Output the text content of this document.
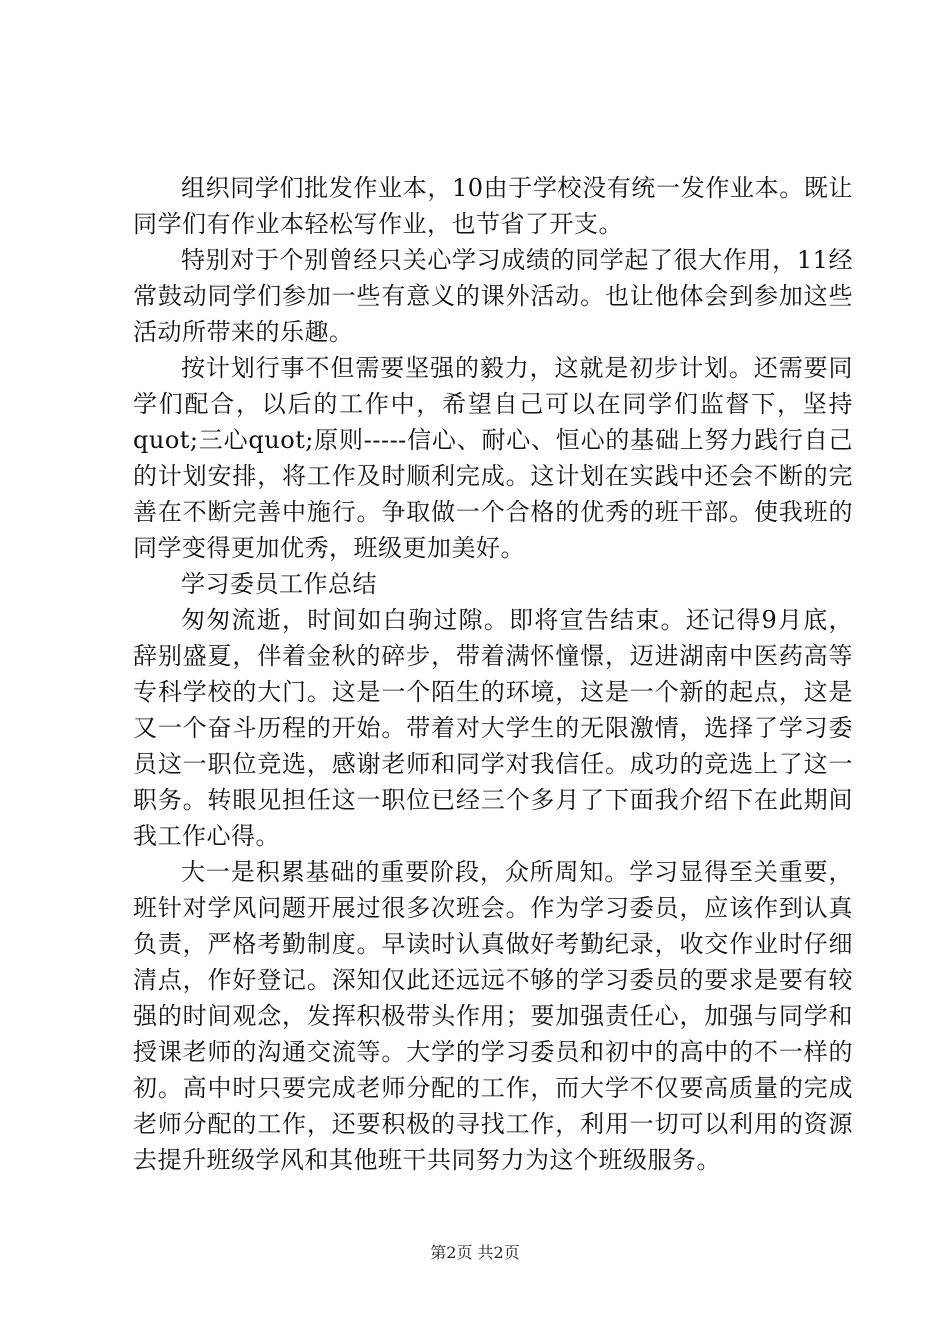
组织同学们批发作业本，10由于学校没有统一发作业本。既让同学们有作业本轻松写作业，也节省了开支。

特别对于个别曾经只关心学习成绩的同学起了很大作用，11经常鼓动同学们参加一些有意义的课外活动。也让他体会到参加这些活动所带来的乐趣。

按计划行事不但需要坚强的毅力，这就是初步计划。还需要同学们配合，以后的工作中，希望自己可以在同学们监督下，坚持quot;三心quot;原则-----信心、耐心、恒心的基础上努力践行自己的计划安排，将工作及时顺利完成。这计划在实践中还会不断的完善在不断完善中施行。争取做一个合格的优秀的班干部。使我班的同学变得更加优秀，班级更加美好。

学习委员工作总结

匆匆流逝，时间如白驹过隙。即将宣告结束。还记得9月底，辞别盛夏，伴着金秋的碎步，带着满怀憧憬，迈进湖南中医药高等专科学校的大门。这是一个陌生的环境，这是一个新的起点，这是又一个奋斗历程的开始。带着对大学生的无限激情，选择了学习委员这一职位竞选，感谢老师和同学对我信任。成功的竞选上了这一职务。转眼见担任这一职位已经三个多月了下面我介绍下在此期间我工作心得。

大一是积累基础的重要阶段，众所周知。学习显得至关重要，班针对学风问题开展过很多次班会。作为学习委员，应该作到认真负责，严格考勤制度。早读时认真做好考勤纪录，收交作业时仔细清点，作好登记。深知仅此还远远不够的学习委员的要求是要有较强的时间观念，发挥积极带头作用；要加强责任心，加强与同学和授课老师的沟通交流等。大学的学习委员和初中的高中的不一样的初。高中时只要完成老师分配的工作，而大学不仅要高质量的完成老师分配的工作，还要积极的寻找工作，利用一切可以利用的资源去提升班级学风和其他班干共同努力为这个班级服务。

第2页 共2页
